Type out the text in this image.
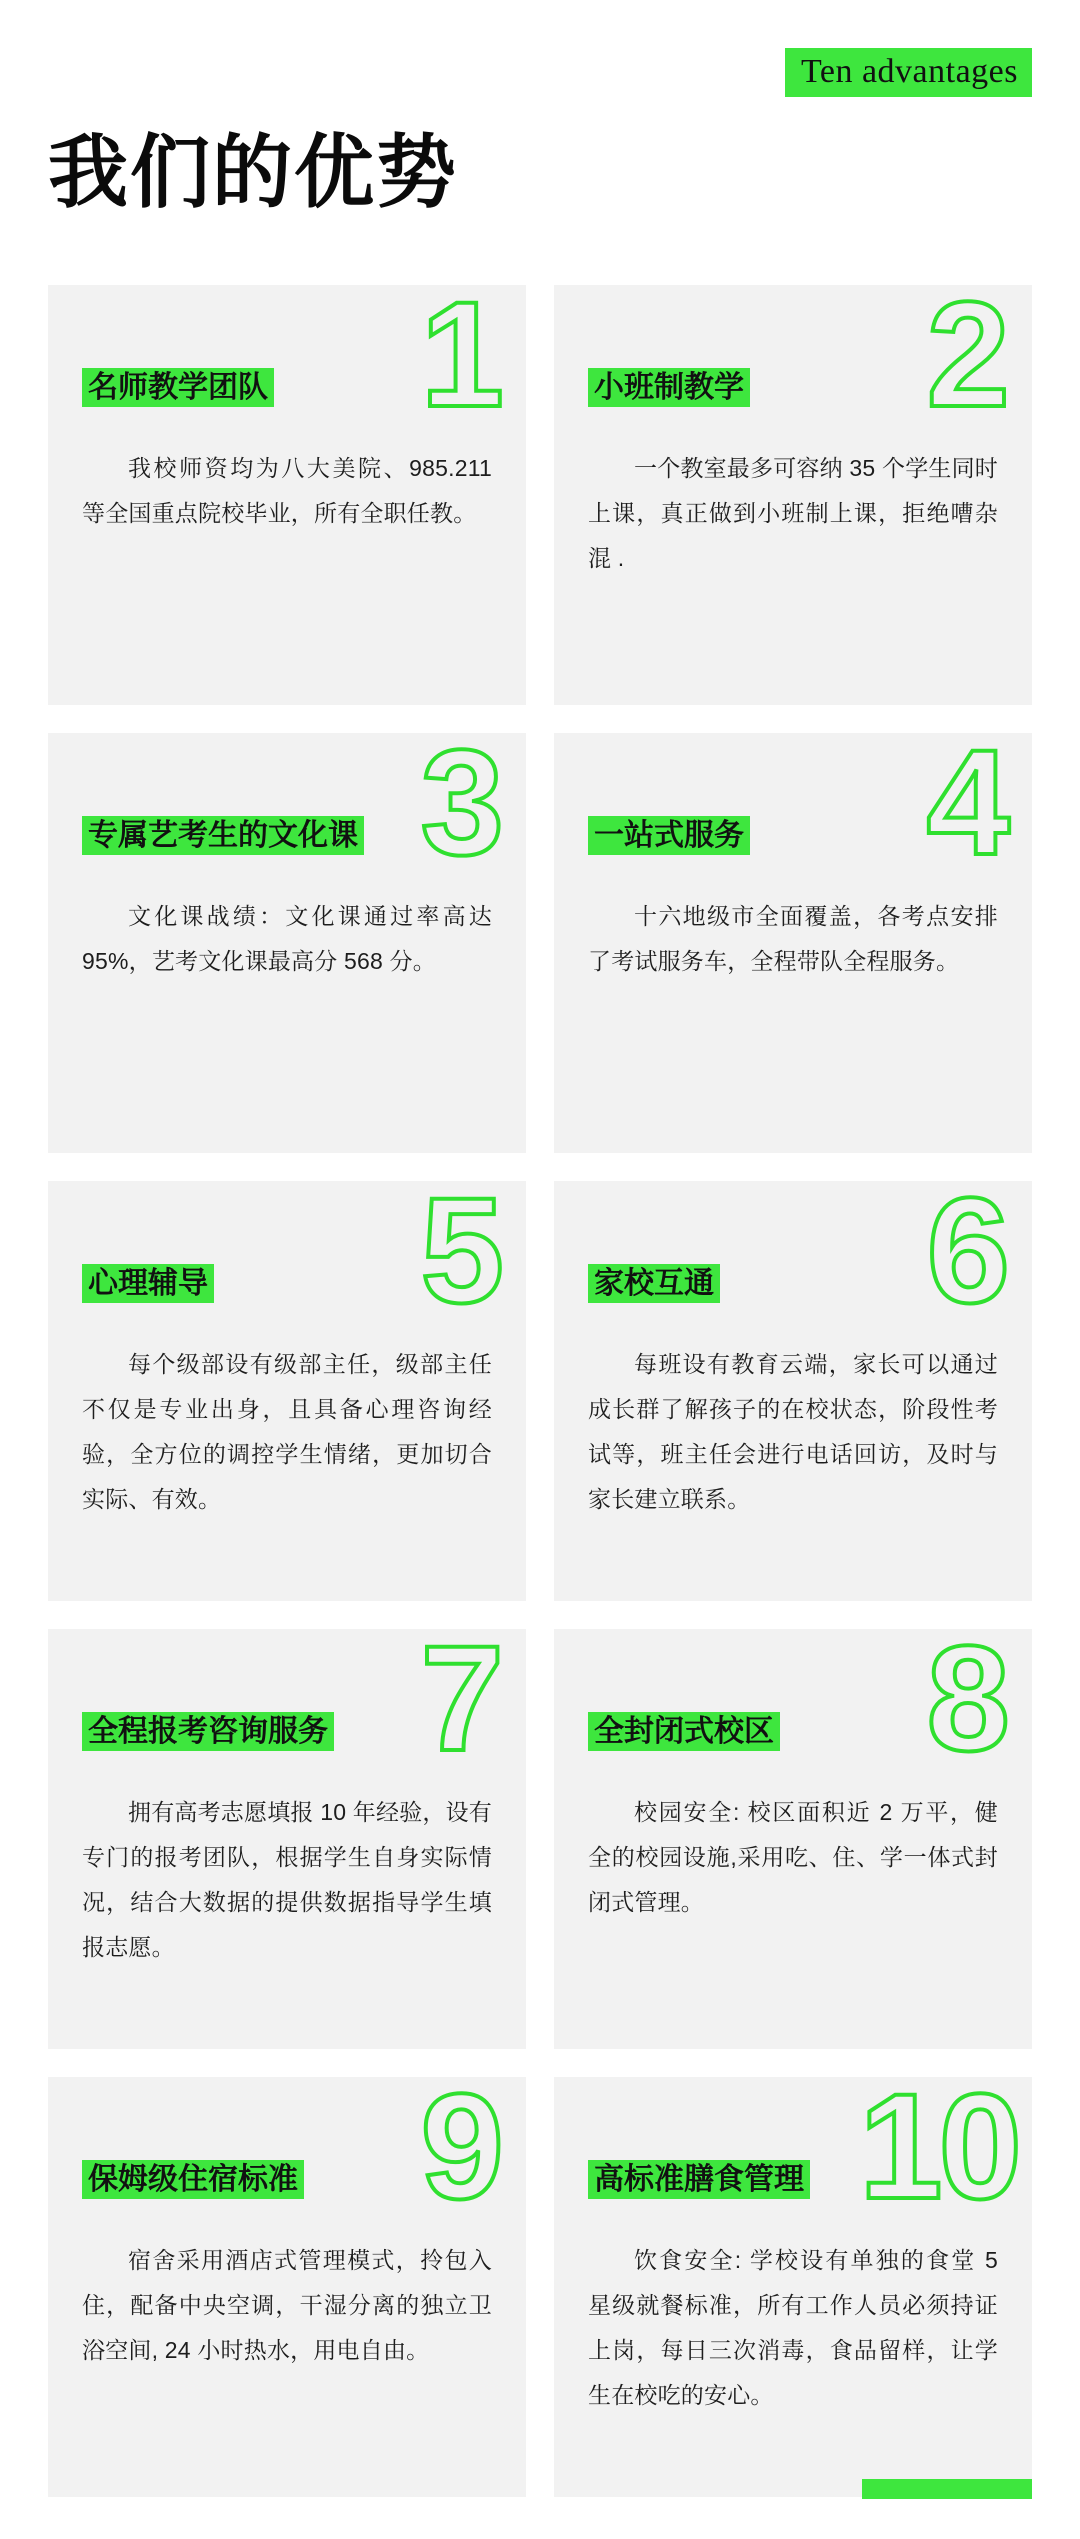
Ten advantages
我们的优势
1
名师教学团队

我校师资均为八大美院、985.211 等全国重点院校毕业，所有全职任教。

2
小班制教学

一个教室最多可容纳 35 个学生同时上课，真正做到小班制上课，拒绝嘈杂混 .

3
专属艺考生的文化课

文化课战绩：文化课通过率高达 95%，艺考文化课最高分 568 分。

4
一站式服务

十六地级市全面覆盖，各考点安排了考试服务车，全程带队全程服务。

5
心理辅导

每个级部设有级部主任，级部主任不仅是专业出身，且具备心理咨询经验，全方位的调控学生情绪，更加切合实际、有效。

6
家校互通

每班设有教育云端，家长可以通过成长群了解孩子的在校状态，阶段性考试等，班主任会进行电话回访，及时与家长建立联系。

7
全程报考咨询服务

拥有高考志愿填报 10 年经验，设有专门的报考团队，根据学生自身实际情况，结合大数据的提供数据指导学生填报志愿。

8
全封闭式校区

校园安全: 校区面积近 2 万平，健全的校园设施,采用吃、住、学一体式封闭式管理。

9
保姆级住宿标准

宿舍采用酒店式管理模式，拎包入住，配备中央空调，干湿分离的独立卫浴空间, 24 小时热水，用电自由。

10
高标准膳食管理

饮食安全: 学校设有单独的食堂 5 星级就餐标准，所有工作人员必须持证上岗，每日三次消毒，食品留样，让学生在校吃的安心。
